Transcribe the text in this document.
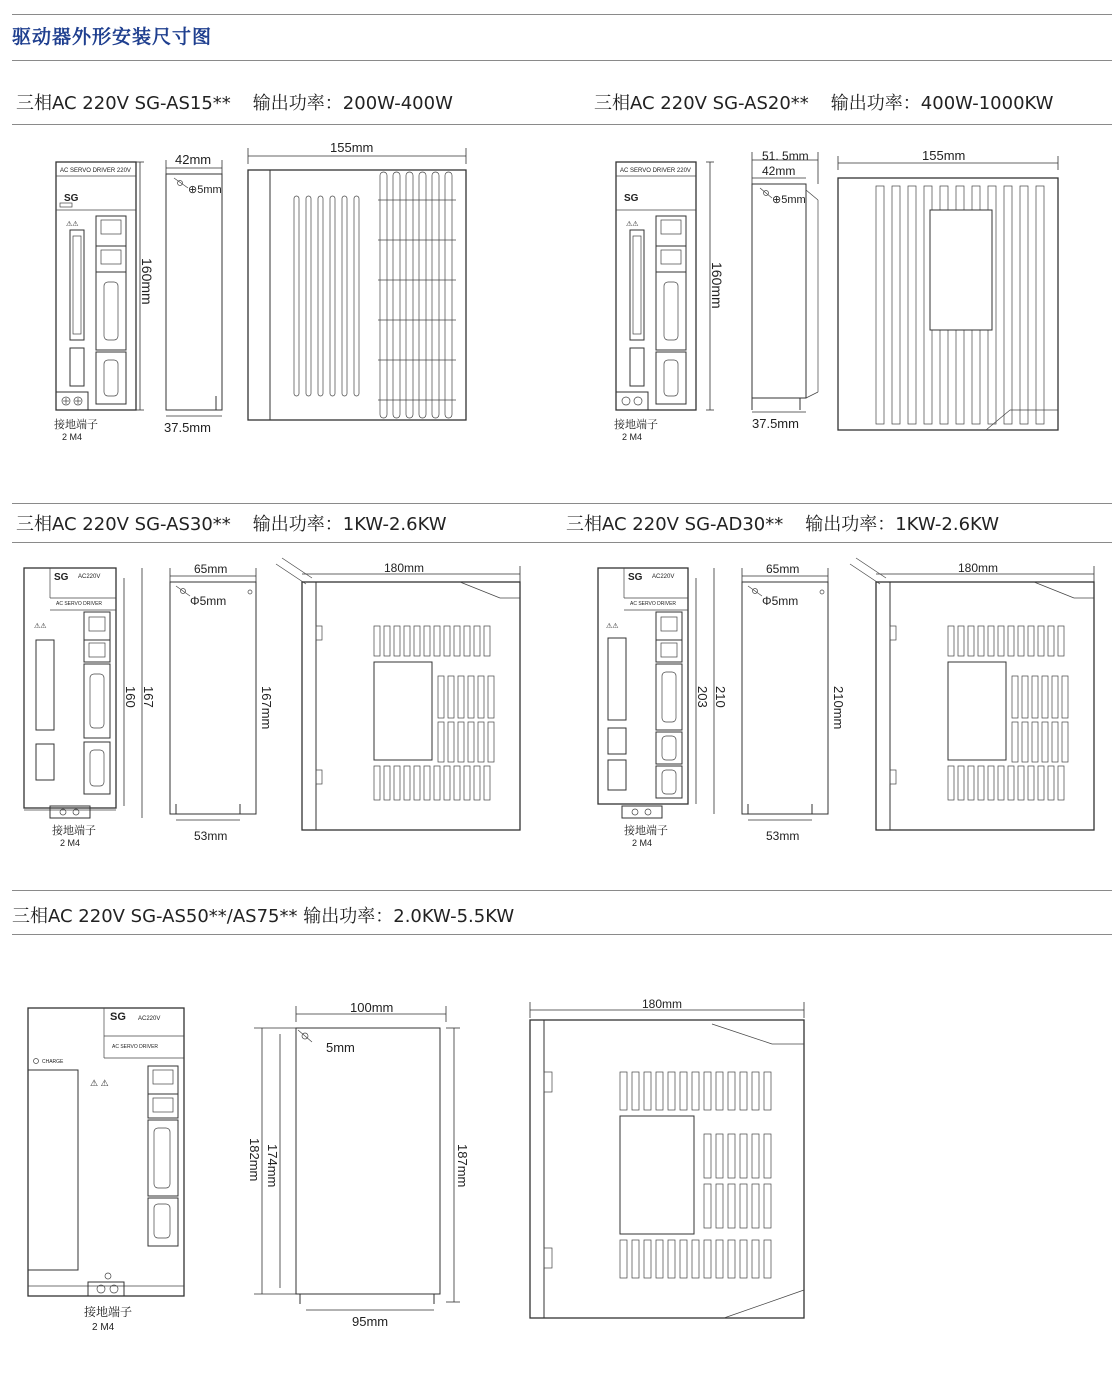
驱动器外形安装尺寸图
三相AC 220V SG-AS15** 输出功率：200W-400W	三相AC 220V SG-AS20** 输出功率：400W-1000KW
三相AC 220V SG-AS30** 输出功率：1KW-2.6KW	三相AC 220V SG-AD30** 输出功率：1KW-2.6KW
三相AC 220V SG-AS50**/AS75** 输出功率：2.0KW-5.5KW
AC SERVO DRIVER 220V
SG
⚠⚠
接地端子
2 M4
160mm
42mm
⊕5mm
37.5mm
155mm
AC SERVO DRIVER 220V
SG
⚠⚠
接地端子
2 M4
160mm
51. 5mm
42mm
⊕5mm
37.5mm
155mm
SG AC220V
AC SERVO DRIVER
⚠⚠
接地端子
2 M4
160 167
65mm
Φ5mm
53mm
167mm
180mm
SG AC220V
AC SERVO DRIVER
⚠⚠
接地端子
2 M4
203 210
65mm
Φ5mm
53mm
210mm
180mm
SG AC220V
AC SERVO DRIVER
CHARGE
⚠ ⚠
接地端子
2 M4
100mm
5mm
95mm
182mm 174mm	187mm
180mm
